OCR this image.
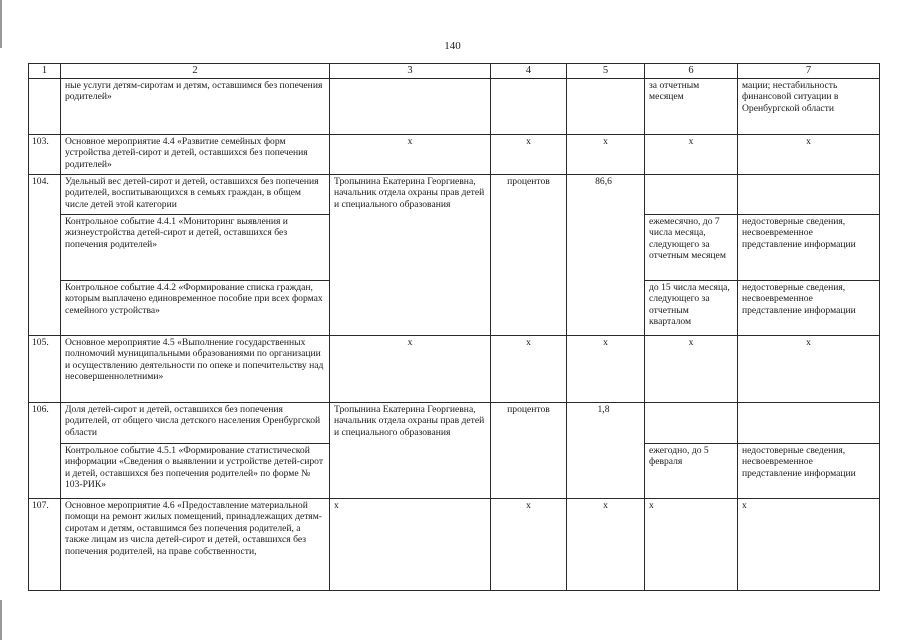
140
1	2	3	4	5	6	7
	ные услуги детям-сиротам и детям, оставшимся без попечения родителей»				за отчетным месяцем	мации; нестабильность финансовой ситуации в Оренбургской области
103.	Основное мероприятие 4.4 «Развитие семейных форм устройства детей-сирот и детей, оставшихся без попечения родителей»	х	х	х	х	х
104.	Удельный вес детей-сирот и детей, оставшихся без попечения родителей, воспитывающихся в семьях граждан, в общем числе детей этой категории	Тропынина Екатерина Георгиевна, начальник отдела охраны прав детей и специального образования	процентов	86,6		
	Контрольное событие 4.4.1 «Мониторинг выявления и жизнеустройства детей-сирот и детей, оставшихся без попечения родителей»				ежемесячно, до 7 числа месяца, следующего за отчетным месяцем	недостоверные сведения, несвоевременное представление информации
	Контрольное событие 4.4.2 «Формирование списка граждан, которым выплачено единовременное пособие при всех формах семейного устройства»				до 15 числа месяца, следующего за отчетным кварталом	недостоверные сведения, несвоевременное представление информации
105.	Основное мероприятие 4.5 «Выполнение государственных полномочий муниципальными образованиями по организации и осуществлению деятельности по опеке и попечительству над несовершеннолетними»	х	х	х	х	х
106.	Доля детей-сирот и детей, оставшихся без попечения родителей, от общего числа детского населения Оренбургской области	Тропынина Екатерина Георгиевна, начальник отдела охраны прав детей и специального образования	процентов	1,8		
	Контрольное событие 4.5.1 «Формирование статистической информации «Сведения о выявлении и устройстве детей-сирот и детей, оставшихся без попечения родителей» по форме № 103-РИК»				ежегодно, до 5 февраля	недостоверные сведения, несвоевременное представление информации
107.	Основное мероприятие 4.6 «Предоставление материальной помощи на ремонт жилых помещений, принадлежащих детям-сиротам и детям, оставшимся без попечения родителей, а также лицам из числа детей-сирот и детей, оставшихся без попечения родителей, на праве собственности,	х	х	х	х	х
